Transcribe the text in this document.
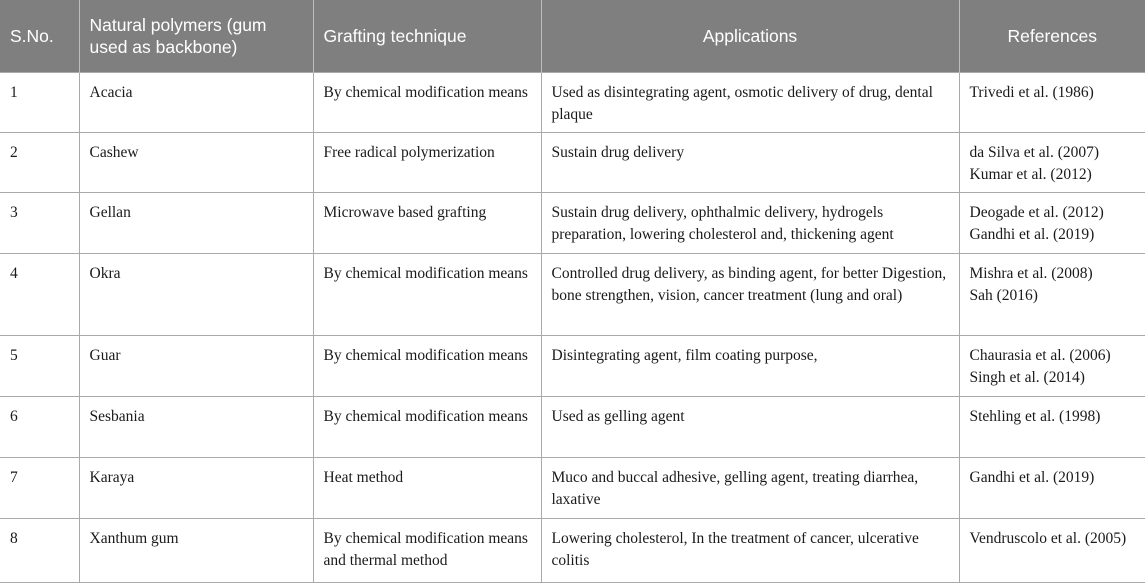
S.No.	Natural polymers (gum used as backbone)	Grafting technique	Applications	References
1	Acacia	By chemical modification means	Used as disintegrating agent, osmotic delivery of drug, dental plaque	Trivedi et al. (1986)

2	Cashew	Free radical polymerization	Sustain drug delivery	da Silva et al. (2007)
Kumar et al. (2012)

3	Gellan	Microwave based grafting	Sustain drug delivery, ophthalmic delivery, hydrogels preparation, lowering cholesterol and, thickening agent	Deogade et al. (2012)
Gandhi et al. (2019)

4	Okra	By chemical modification means	Controlled drug delivery, as binding agent, for better Digestion, bone strengthen, vision, cancer treatment (lung and oral)	Mishra et al. (2008)
Sah (2016)

5	Guar	By chemical modification means	Disintegrating agent, film coating purpose,	Chaurasia et al. (2006)
Singh et al. (2014)

6	Sesbania	By chemical modification means	Used as gelling agent	Stehling et al. (1998)

7	Karaya	Heat method	Muco and buccal adhesive, gelling agent, treating diarrhea, laxative	Gandhi et al. (2019)

8	Xanthum gum	By chemical modification means and thermal method	Lowering cholesterol, In the treatment of cancer, ulcerative colitis	Vendruscolo et al. (2005)
